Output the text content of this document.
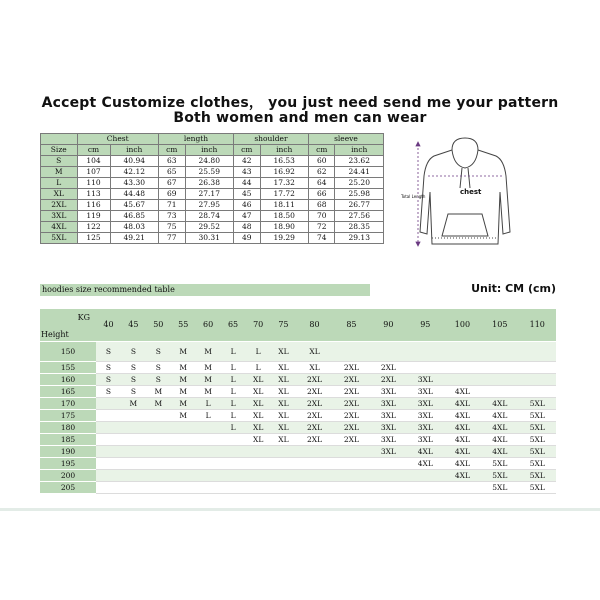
Accept Customize clothes， you just need send me your pattern
Both women and men can wear
	Chest		length		shoulder		sleeve	
Size	cm	inch	cm	inch	cm	inch	cm	inch
S	104	40.94	63	24.80	42	16.53	60	23.62
M	107	42.12	65	25.59	43	16.92	62	24.41
L	110	43.30	67	26.38	44	17.32	64	25.20
XL	113	44.48	69	27.17	45	17.72	66	25.98
2XL	116	45.67	71	27.95	46	18.11	68	26.77
3XL	119	46.85	73	28.74	47	18.50	70	27.56
4XL	122	48.03	75	29.52	48	18.90	72	28.35
5XL	125	49.21	77	30.31	49	19.29	74	29.13
chest
Total Length
hoodies size recommended table	Unit: CM (cm)
KG
Height	40	45	50	55	60	65	70	75	80	85	90	95	100	105	110
150	S	S	S	M	M	L	L	XL	XL						
155	S	S	S	M	M	L	L	XL	XL	2XL	2XL				
160	S	S	S	M	M	L	XL	XL	2XL	2XL	2XL	3XL			
165	S	S	M	M	M	L	XL	XL	2XL	2XL	3XL	3XL	4XL		
170		M	M	M	L	L	XL	XL	2XL	2XL	3XL	3XL	4XL	4XL	5XL
175				M	L	L	XL	XL	2XL	2XL	3XL	3XL	4XL	4XL	5XL
180						L	XL	XL	2XL	2XL	3XL	3XL	4XL	4XL	5XL
185							XL	XL	2XL	2XL	3XL	3XL	4XL	4XL	5XL
190											3XL	4XL	4XL	4XL	5XL
195												4XL	4XL	5XL	5XL
200													4XL	5XL	5XL
205														5XL	5XL
